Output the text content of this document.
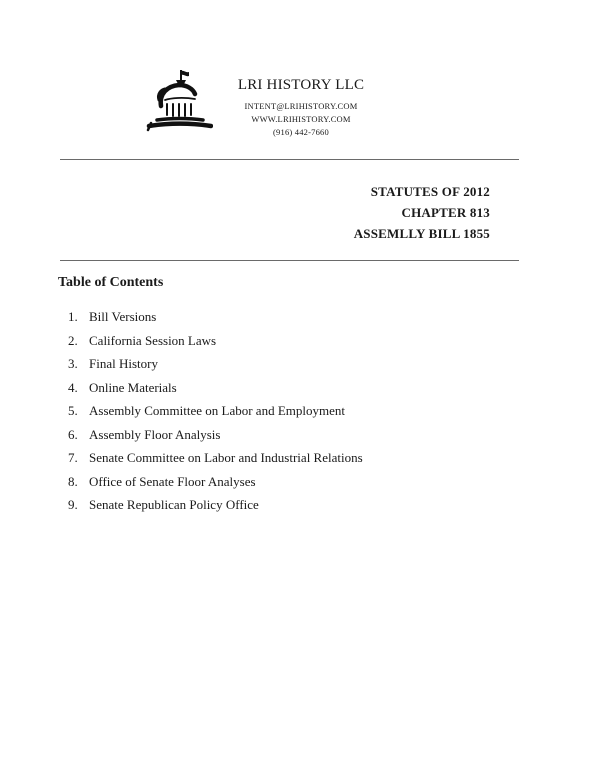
LRI HISTORY LLC
INTENT@LRIHISTORY.COM
WWW.LRIHISTORY.COM
(916) 442-7660
STATUTES OF 2012
CHAPTER 813
ASSEMLLY BILL 1855
Table of Contents
1. Bill Versions
2. California Session Laws
3. Final History
4. Online Materials
5. Assembly Committee on Labor and Employment
6. Assembly Floor Analysis
7. Senate Committee on Labor and Industrial Relations
8. Office of Senate Floor Analyses
9. Senate Republican Policy Office
